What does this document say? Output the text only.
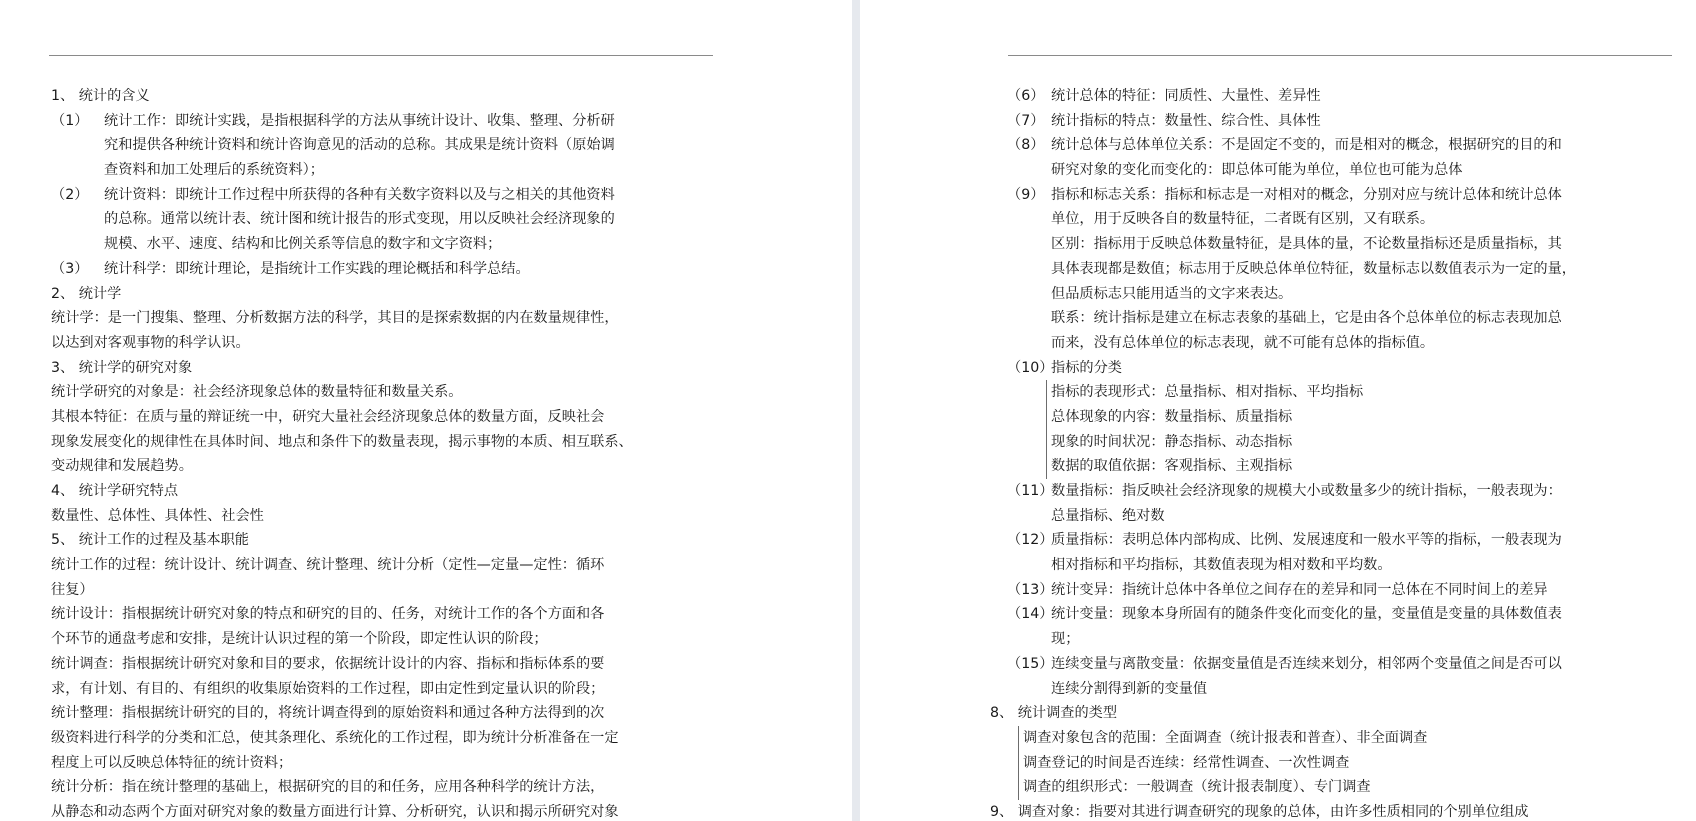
1、 统计的含义
（1） 统计工作：即统计实践，是指根据科学的方法从事统计设计、收集、整理、分析研
究和提供各种统计资料和统计咨询意见的活动的总称。其成果是统计资料（原始调
查资料和加工处理后的系统资料）；
（2） 统计资料：即统计工作过程中所获得的各种有关数字资料以及与之相关的其他资料
的总称。通常以统计表、统计图和统计报告的形式变现，用以反映社会经济现象的
规模、水平、速度、结构和比例关系等信息的数字和文字资料；
（3） 统计科学：即统计理论，是指统计工作实践的理论概括和科学总结。
2、 统计学
统计学：是一门搜集、整理、分析数据方法的科学，其目的是探索数据的内在数量规律性，
以达到对客观事物的科学认识。
3、 统计学的研究对象
统计学研究的对象是：社会经济现象总体的数量特征和数量关系。
其根本特征：在质与量的辩证统一中，研究大量社会经济现象总体的数量方面，反映社会
现象发展变化的规律性在具体时间、地点和条件下的数量表现，揭示事物的本质、相互联系、
变动规律和发展趋势。
4、 统计学研究特点
数量性、总体性、具体性、社会性
5、 统计工作的过程及基本职能
统计工作的过程：统计设计、统计调查、统计整理、统计分析（定性—定量—定性：循环
往复）
统计设计：指根据统计研究对象的特点和研究的目的、任务，对统计工作的各个方面和各
个环节的通盘考虑和安排，是统计认识过程的第一个阶段，即定性认识的阶段；
统计调查：指根据统计研究对象和目的要求，依据统计设计的内容、指标和指标体系的要
求，有计划、有目的、有组织的收集原始资料的工作过程，即由定性到定量认识的阶段；
统计整理：指根据统计研究的目的，将统计调查得到的原始资料和通过各种方法得到的次
级资料进行科学的分类和汇总，使其条理化、系统化的工作过程，即为统计分析准备在一定
程度上可以反映总体特征的统计资料；
统计分析：指在统计整理的基础上，根据研究的目的和任务，应用各种科学的统计方法，
从静态和动态两个方面对研究对象的数量方面进行计算、分析研究，认识和揭示所研究对象
（6） 统计总体的特征：同质性、大量性、差异性
（7） 统计指标的特点：数量性、综合性、具体性
（8） 统计总体与总体单位关系：不是固定不变的，而是相对的概念，根据研究的目的和
研究对象的变化而变化的：即总体可能为单位，单位也可能为总体
（9） 指标和标志关系：指标和标志是一对相对的概念，分别对应与统计总体和统计总体
单位，用于反映各自的数量特征，二者既有区别，又有联系。
区别：指标用于反映总体数量特征，是具体的量，不论数量指标还是质量指标，其
具体表现都是数值；标志用于反映总体单位特征，数量标志以数值表示为一定的量，
但品质标志只能用适当的文字来表达。
联系：统计指标是建立在标志表象的基础上，它是由各个总体单位的标志表现加总
而来，没有总体单位的标志表现，就不可能有总体的指标值。
（10）
指标的分类
指标的表现形式：总量指标、相对指标、平均指标
总体现象的内容：数量指标、质量指标
现象的时间状况：静态指标、动态指标
数据的取值依据：客观指标、主观指标
（11）
数量指标：指反映社会经济现象的规模大小或数量多少的统计指标，一般表现为：
总量指标、绝对数
（12）
质量指标：表明总体内部构成、比例、发展速度和一般水平等的指标，一般表现为
相对指标和平均指标，其数值表现为相对数和平均数。
（13）
统计变异：指统计总体中各单位之间存在的差异和同一总体在不同时间上的差异
（14）
统计变量：现象本身所固有的随条件变化而变化的量，变量值是变量的具体数值表
现；
（15）
连续变量与离散变量：依据变量值是否连续来划分，相邻两个变量值之间是否可以
连续分割得到新的变量值
8、 统计调查的类型
调查对象包含的范围：全面调查（统计报表和普查）、非全面调查
调查登记的时间是否连续：经常性调查、一次性调查
调查的组织形式：一般调查（统计报表制度）、专门调查
9、 调查对象：指要对其进行调查研究的现象的总体，由许多性质相同的个别单位组成
